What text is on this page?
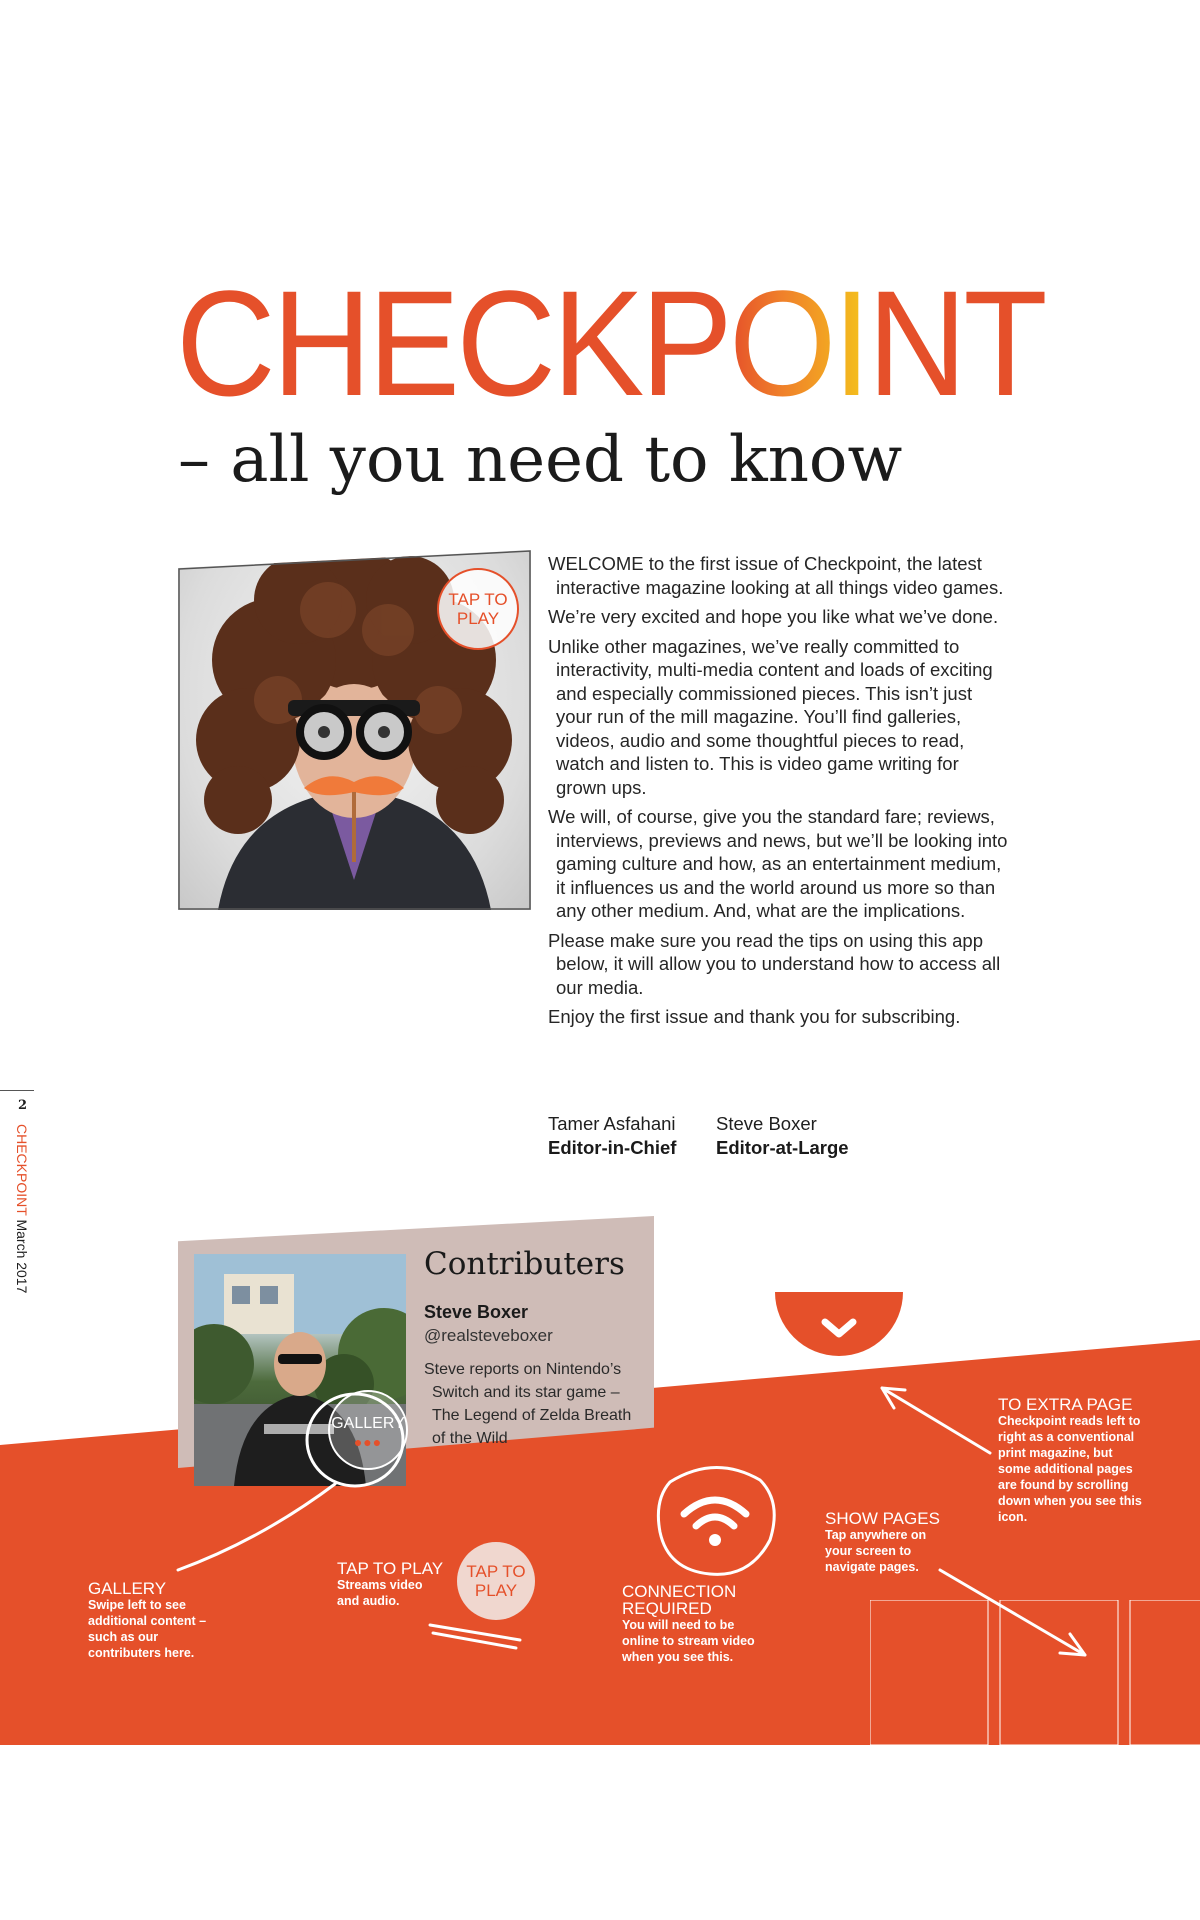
CHECKPOINT
– all you need to know
TAP TO PLAY

WELCOME to the first issue of Checkpoint, the latest interactive magazine looking at all things video games.

We’re very excited and hope you like what we’ve done.

Unlike other magazines, we’ve really committed to interactivity, multi-media content and loads of exciting and especially commissioned pieces. This isn’t just your run of the mill magazine. You’ll find galleries, videos, audio and some thoughtful pieces to read, watch and listen to. This is video game writing for grown ups.

We will, of course, give you the standard fare; reviews, interviews, previews and news, but we’ll be looking into gaming culture and how, as an entertainment medium, it influences us and the world around us more so than any other medium. And, what are the implications.

Please make sure you read the tips on using this app below, it will allow you to understand how to access all our media.

Enjoy the first issue and thank you for subscribing.

Tamer Asfahani
Editor-in-Chief
Steve Boxer
Editor-at-Large
2
CHECKPOINT March 2017	Contributers
Steve Boxer
@realsteveboxer

Steve reports on Nintendo’s Switch and its star game – The Legend of Zelda Breath of the Wild

GALLERY
●●●
GALLERY
Swipe left to see additional content – such as our contributers here.
TAP TO PLAY
Streams video and audio.
TAP TO PLAY	CONNECTION REQUIRED
You will need to be online to stream video when you see this.
SHOW PAGES
Tap anywhere on your screen to navigate pages.
TO EXTRA PAGE
Checkpoint reads left to right as a conventional print magazine, but some additional pages are found by scrolling down when you see this icon.
